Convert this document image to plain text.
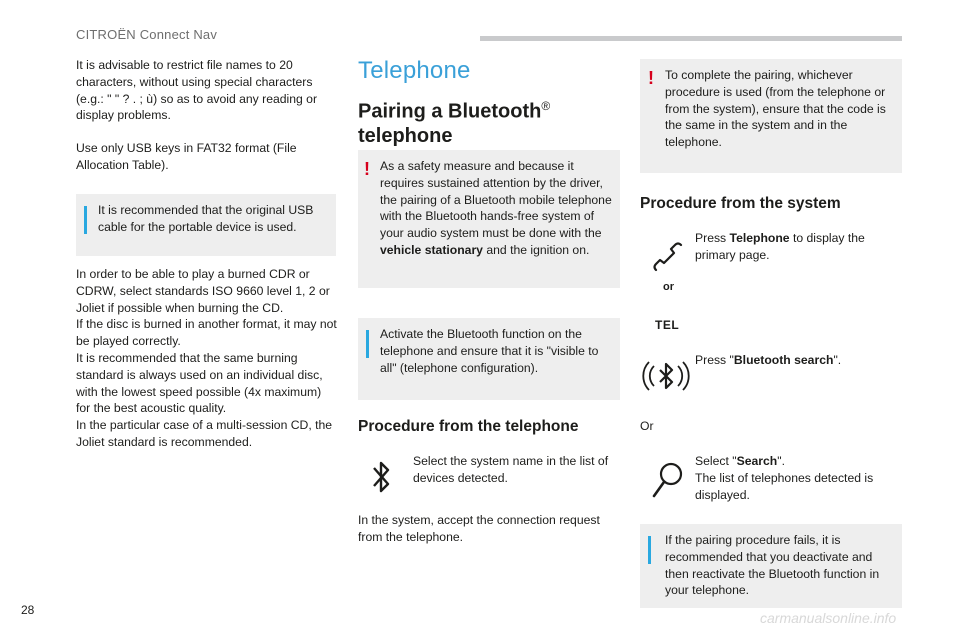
CITROËN Connect Nav

It is advisable to restrict file names to 20 characters, without using special characters (e.g.: " " ? . ; ù) so as to avoid any reading or display problems.

Use only USB keys in FAT32 format (File Allocation Table).

It is recommended that the original USB cable for the portable device is used.

In order to be able to play a burned CDR or CDRW, select standards ISO 9660 level 1, 2 or Joliet if possible when burning the CD.
If the disc is burned in another format, it may not be played correctly.
It is recommended that the same burning standard is always used on an individual disc, with the lowest speed possible (4x maximum) for the best acoustic quality.
In the particular case of a multi-session CD, the Joliet standard is recommended.

Telephone
Pairing a Bluetooth®
telephone
! As a safety measure and because it requires sustained attention by the driver, the pairing of a Bluetooth mobile telephone with the Bluetooth hands-free system of your audio system must be done with the vehicle stationary and the ignition on.
Activate the Bluetooth function on the telephone and ensure that it is "visible to all" (telephone configuration).
Procedure from the telephone

Select the system name in the list of devices detected.

In the system, accept the connection request from the telephone.

! To complete the pairing, whichever procedure is used (from the telephone or from the system), ensure that the code is the same in the system and in the telephone.
Procedure from the system
or
TEL

Press Telephone to display the primary page.

Press "Bluetooth search".

Or

Select "Search".
The list of telephones detected is displayed.
If the pairing procedure fails, it is recommended that you deactivate and then reactivate the Bluetooth function in your telephone.
28	carmanualsonline.info
